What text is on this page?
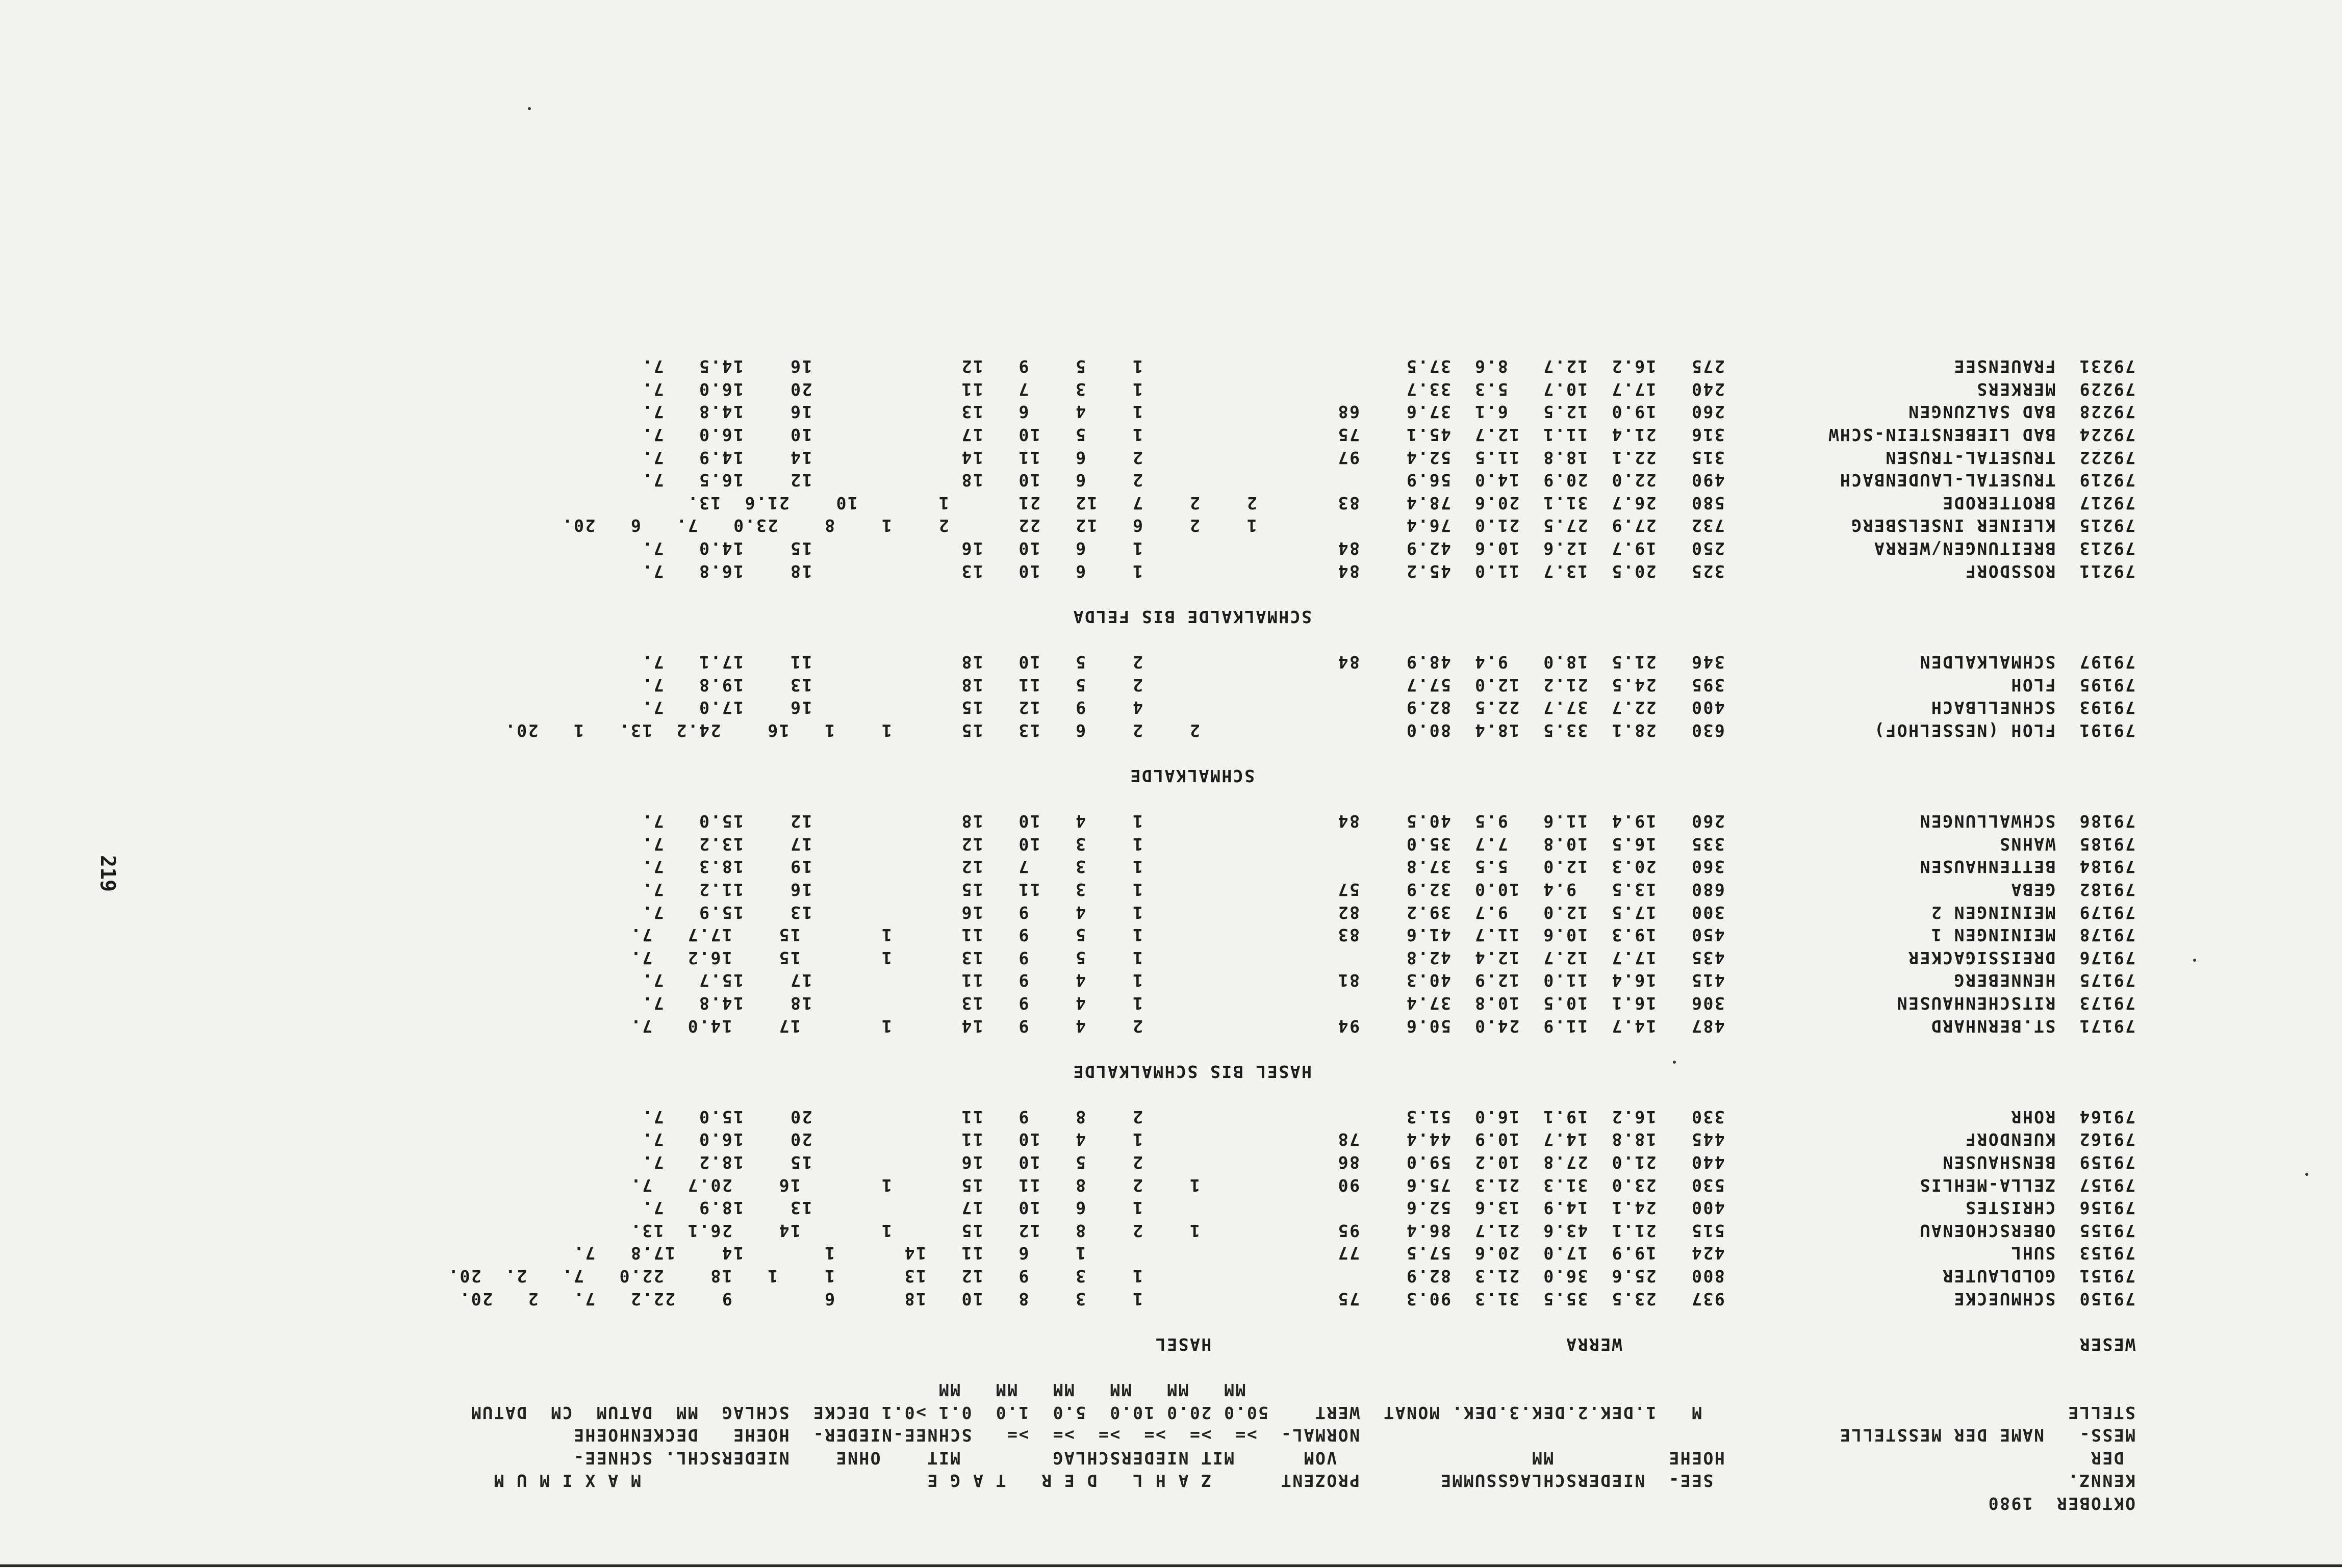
OKTOBER  1980
KENNZ.                               SEE-  NIEDERSCHLAGSSUMME       PROZENT      Z A H L   D E R   T A G E                         M A X I M U M
DER                                HOEHE          MM                 VOM      MIT NIEDERSCHLAG        MIT    OHNE    NIEDERSCHL. SCHNEE-
MESS-   NAME DER MESSTELLE                                          NORMAL-  >=  >=  >=  >=  >=  >=   SCHNEE-NIEDER-  HOEHE   DECKENHOEHE
STELLE                                M   1.DEK.2.DEK.3.DEK. MONAT  WERT    50.0 20.0 10.0  5.0  1.0  0.1 >0.1 DECKE  SCHLAG  MM  DATUM  CM  DATUM
MM   MM   MM   MM   MM   MM
WESER                                        WERRA                               HASEL
79150  SCHMUECKE                    937   23.5  35.5  31.3  90.3    75                 1    3    8   10   18      6        9    22.2   7.   2   20.
79151  GOLDLAUTER                   800   25.6  36.0  21.3  82.9                       1    3    9   12   13      1    1   18    22.0   7.   2.  20.
79153  SUHL                         424   19.9  17.0  20.6  57.5    77                      1    6   11   14      1       14    17.8   7.
79155  OBERSCHOENAU                 515   21.1  43.6  21.7  86.4    95            1    2    8   12   15      1       14    26.1  13.
79156  CHRISTES                     400   24.1  14.9  13.6  52.6                       1    6   10   17             13    18.9   7.
79157  ZELLA-MEHLIS                 530   23.0  31.3  21.3  75.6    90            1    2    8   11   15      1       16    20.7   7.
79159  BENSHAUSEN                   440   21.0  27.8  10.2  59.0    86                 2    5   10   16             15    18.2   7.
79162  KUENDORF                     445   18.8  14.7  10.9  44.4    78                 1    4   10   11             20    16.0   7.
79164  ROHR                         330   16.2  19.1  16.0  51.3                       2    8    9   11             20    15.0   7.
HASEL BIS SCHMALKALDE
79171  ST.BERNHARD                  487   14.7  11.9  24.0  50.6    94                 2    4    9   14      1       17    14.0   7.
79173  RITSCHENHAUSEN               306   16.1  10.5  10.8  37.4                       1    4    9   13             18    14.8   7.
79175  HENNEBERG                    415   16.4  11.0  12.9  40.3    81                 1    4    9   11             17    15.7   7.
79176  DREISSIGACKER                435   17.7  12.7  12.4  42.8                       1    5    9   13      1       15    16.2   7.
79178  MEININGEN 1                  450   19.3  10.6  11.7  41.6    83                 1    5    9   11      1       15    17.7   7.
79179  MEININGEN 2                  300   17.5  12.0   9.7  39.2    82                 1    4    9   16             13    15.9   7.
79182  GEBA                         680   13.5   9.4  10.0  32.9    57                 1    3   11   15             16    11.2   7.
79184  BETTENHAUSEN                 360   20.3  12.0   5.5  37.8                       1    3    7   12             19    18.3   7.
79185  WAHNS                        335   16.5  10.8   7.7  35.0                       1    3   10   12             17    13.2   7.
79186  SCHWALLUNGEN                 260   19.4  11.6   9.5  40.5    84                 1    4   10   18             12    15.0   7.
SCHMALKALDE
79191  FLOH (NESSELHOF)             630   28.1  33.5  18.4  80.0                  2    2    6   13   15      1    1   16    24.2  13.   1   20.
79193  SCHNELLBACH                  400   22.7  37.7  22.5  82.9                       4    9   12   15             16    17.0   7.
79195  FLOH                         395   24.5  21.2  12.0  57.7                       2    5   11   18             13    19.8   7.
79197  SCHMALKALDEN                 346   21.5  18.0   9.4  48.9    84                 2    5   10   18             11    17.1   7.
SCHMALKALDE BIS FELDA
79211  ROSSDORF                     325   20.5  13.7  11.0  45.2    84                 1    6   10   13             18    16.8   7.
79213  BREITUNGEN/WERRA             250   19.7  12.6  10.6  42.9    84                 1    6   10   16             15    14.0   7.
79215  KLEINER INSELSBERG           732   27.9  27.5  21.0  76.4             1    2    6   12   22      2    1    8    23.0   7.   6   20.
79217  BROTTERODE                   580   26.7  31.1  20.6  78.4    83       2    2    7   12   21      1       10    21.6  13.
79219  TRUSETAL-LAUDENBACH          490   22.0  20.9  14.0  56.9                       2    6   10   18             12    16.5   7.
79222  TRUSETAL-TRUSEN              315   22.1  18.8  11.5  52.4    97                 2    6   11   14             14    14.9   7.
79224  BAD LIEBENSTEIN-SCHW         316   21.4  11.1  12.7  45.1    75                 1    5   10   17             10    16.0   7.
79228  BAD SALZUNGEN                260   19.0  12.5   6.1  37.6    68                 1    4    6   13             16    14.8   7.
79229  MERKERS                      240   17.7  10.7   5.3  33.7                       1    3    7   11             20    16.0   7.
79231  FRAUENSEE                    275   16.2  12.7   8.6  37.5                       1    5    9   12             16    14.5   7.
219
